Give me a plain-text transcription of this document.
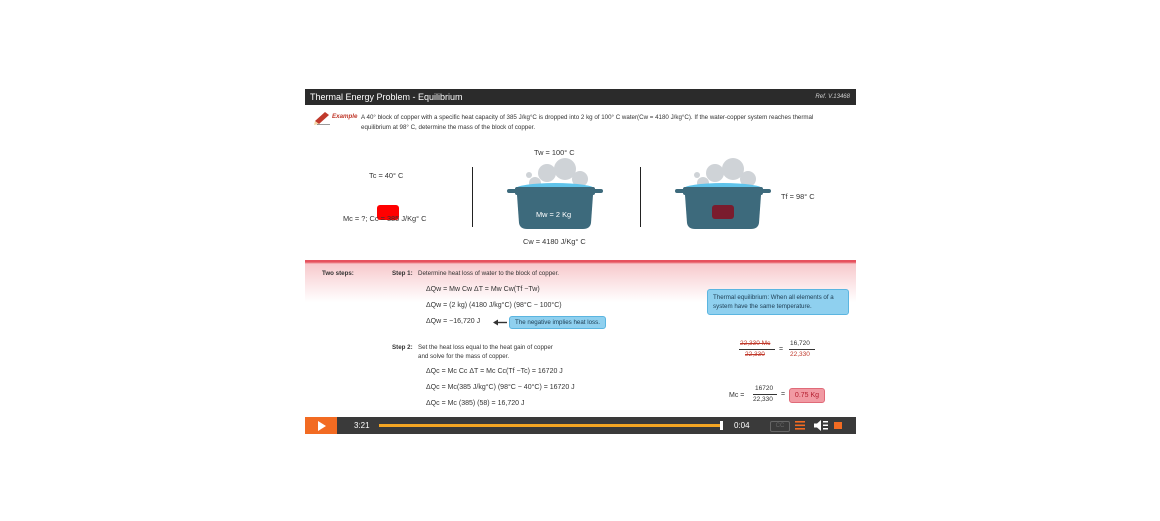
Thermal Energy Problem - Equilibrium	Ref. V.13468
Example A 40° block of copper with a specific heat capacity of 385 J/kg°C is dropped into 2 kg of 100° C water(Cw = 4180 J/kg°C). If the water-copper system reaches thermal equilibrium at 98° C, determine the mass of the block of copper.
Tc = 40° C
Mc = ?; Cc = 385 J/Kg° C
Tw = 100° C
Mw = 2 Kg
Cw = 4180 J/Kg° C
Tf = 98° C
Two steps:	Step 1: Determine heat loss of water to the block of copper.
ΔQw = Mw Cw ΔT = Mw Cw(Tf −Tw)
ΔQw = (2 kg) (4180 J/kg°C) (98°C − 100°C)
ΔQw = −16,720 J	The negative implies heat loss.
Thermal equilibrium: When all elements of a system have the same temperature.
Step 2: Set the heat loss equal to the heat gain of copper
and solve for the mass of copper.
ΔQc = Mc Cc ΔT = Mc Cc(Tf −Tc) = 16720 J
ΔQc = Mc(385 J/kg°C) (98°C − 40°C) = 16720 J
ΔQc = Mc (385) (58) = 16,720 J
22,330 Mc
22,330
=
16,720
22,330
Mc =
16720
22,330
=	0.75 Kg
3:21	0:04	CC
